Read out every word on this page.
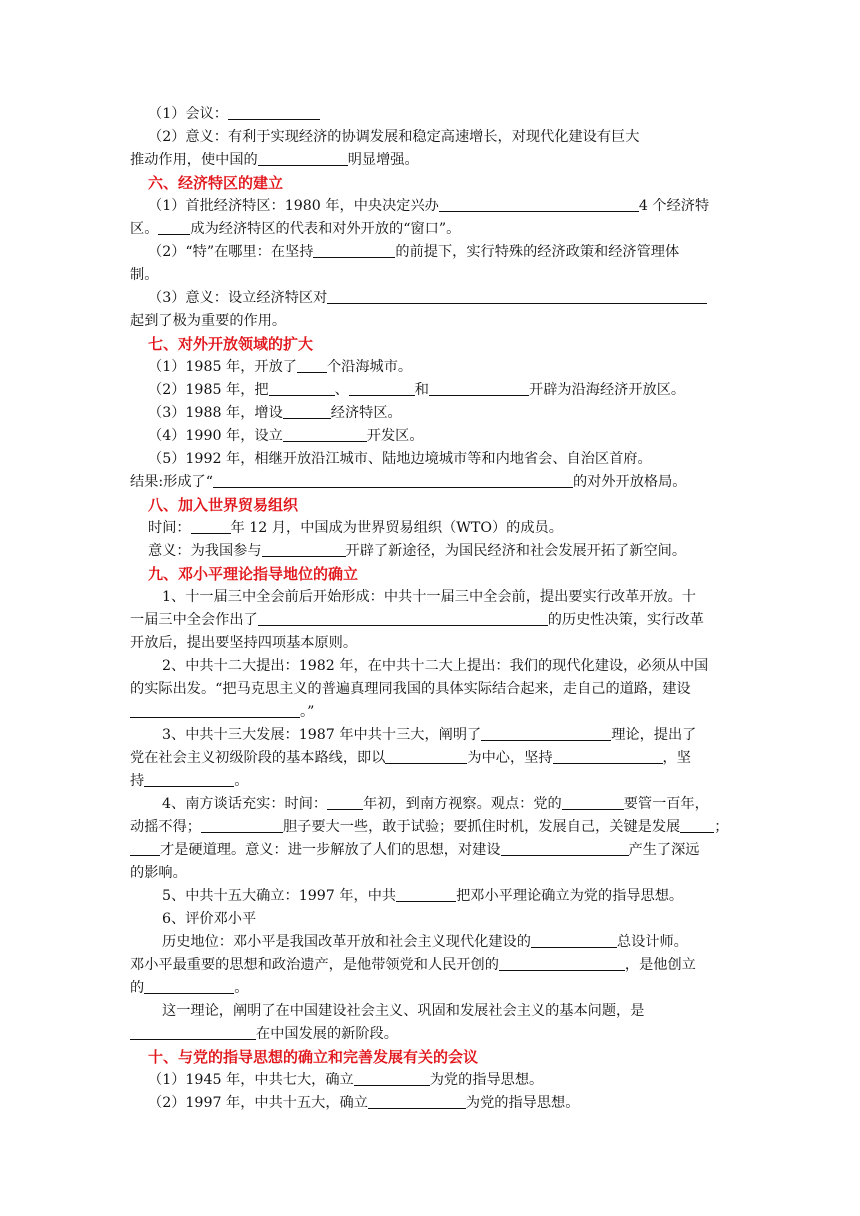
（1）会议：
（2）意义：有利于实现经济的协调发展和稳定高速增长，对现代化建设有巨大
推动作用，使中国的	明显增强。
六、经济特区的建立
（1）首批经济特区：1980 年，中央决定兴办	4 个经济特
区。 成为经济特区的代表和对外开放的“窗口”。
（2）“特”在哪里：在坚持	的前提下，实行特殊的经济政策和经济管理体
制。
（3）意义：设立经济特区对
起到了极为重要的作用。
七、对外开放领域的扩大
（1）1985 年，开放了 个沿海城市。
（2）1985 年，把	、	和	开辟为沿海经济开放区。
（3）1988 年，增设	经济特区。
（4）1990 年，设立	开发区。
（5）1992 年，相继开放沿江城市、陆地边境城市等和内地省会、自治区首府。
结果:形成了“	的对外开放格局。
八、加入世界贸易组织
时间：	年 12 月，中国成为世界贸易组织（WTO）的成员。
意义：为我国参与	开辟了新途径，为国民经济和社会发展开拓了新空间。
九、邓小平理论指导地位的确立
1、十一届三中全会前后开始形成：中共十一届三中全会前，提出要实行改革开放。十
一届三中全会作出了	的历史性决策，实行改革
开放后，提出要坚持四项基本原则。
2、中共十二大提出：1982 年，在中共十二大上提出：我们的现代化建设，必须从中国
的实际出发。“把马克思主义的普遍真理同我国的具体实际结合起来，走自己的道路，建设
。”
3、中共十三大发展：1987 年中共十三大，阐明了	理论，提出了
党在社会主义初级阶段的基本路线，即以	为中心，坚持	，坚
持	。
4、南方谈话充实：时间：	年初，到南方视察。观点：党的	要管一百年，
动摇不得；	胆子要大一些，敢于试验；要抓住时机，发展自己，关键是发展 ；
才是硬道理。意义：进一步解放了人们的思想，对建设	产生了深远
的影响。
5、中共十五大确立：1997 年，中共	把邓小平理论确立为党的指导思想。
6、评价邓小平
历史地位：邓小平是我国改革开放和社会主义现代化建设的	总设计师。
邓小平最重要的思想和政治遗产，是他带领党和人民开创的	，是他创立
的	。
这一理论，阐明了在中国建设社会主义、巩固和发展社会主义的基本问题，是
在中国发展的新阶段。
十、与党的指导思想的确立和完善发展有关的会议
（1）1945 年，中共七大，确立	为党的指导思想。
（2）1997 年，中共十五大，确立	为党的指导思想。
